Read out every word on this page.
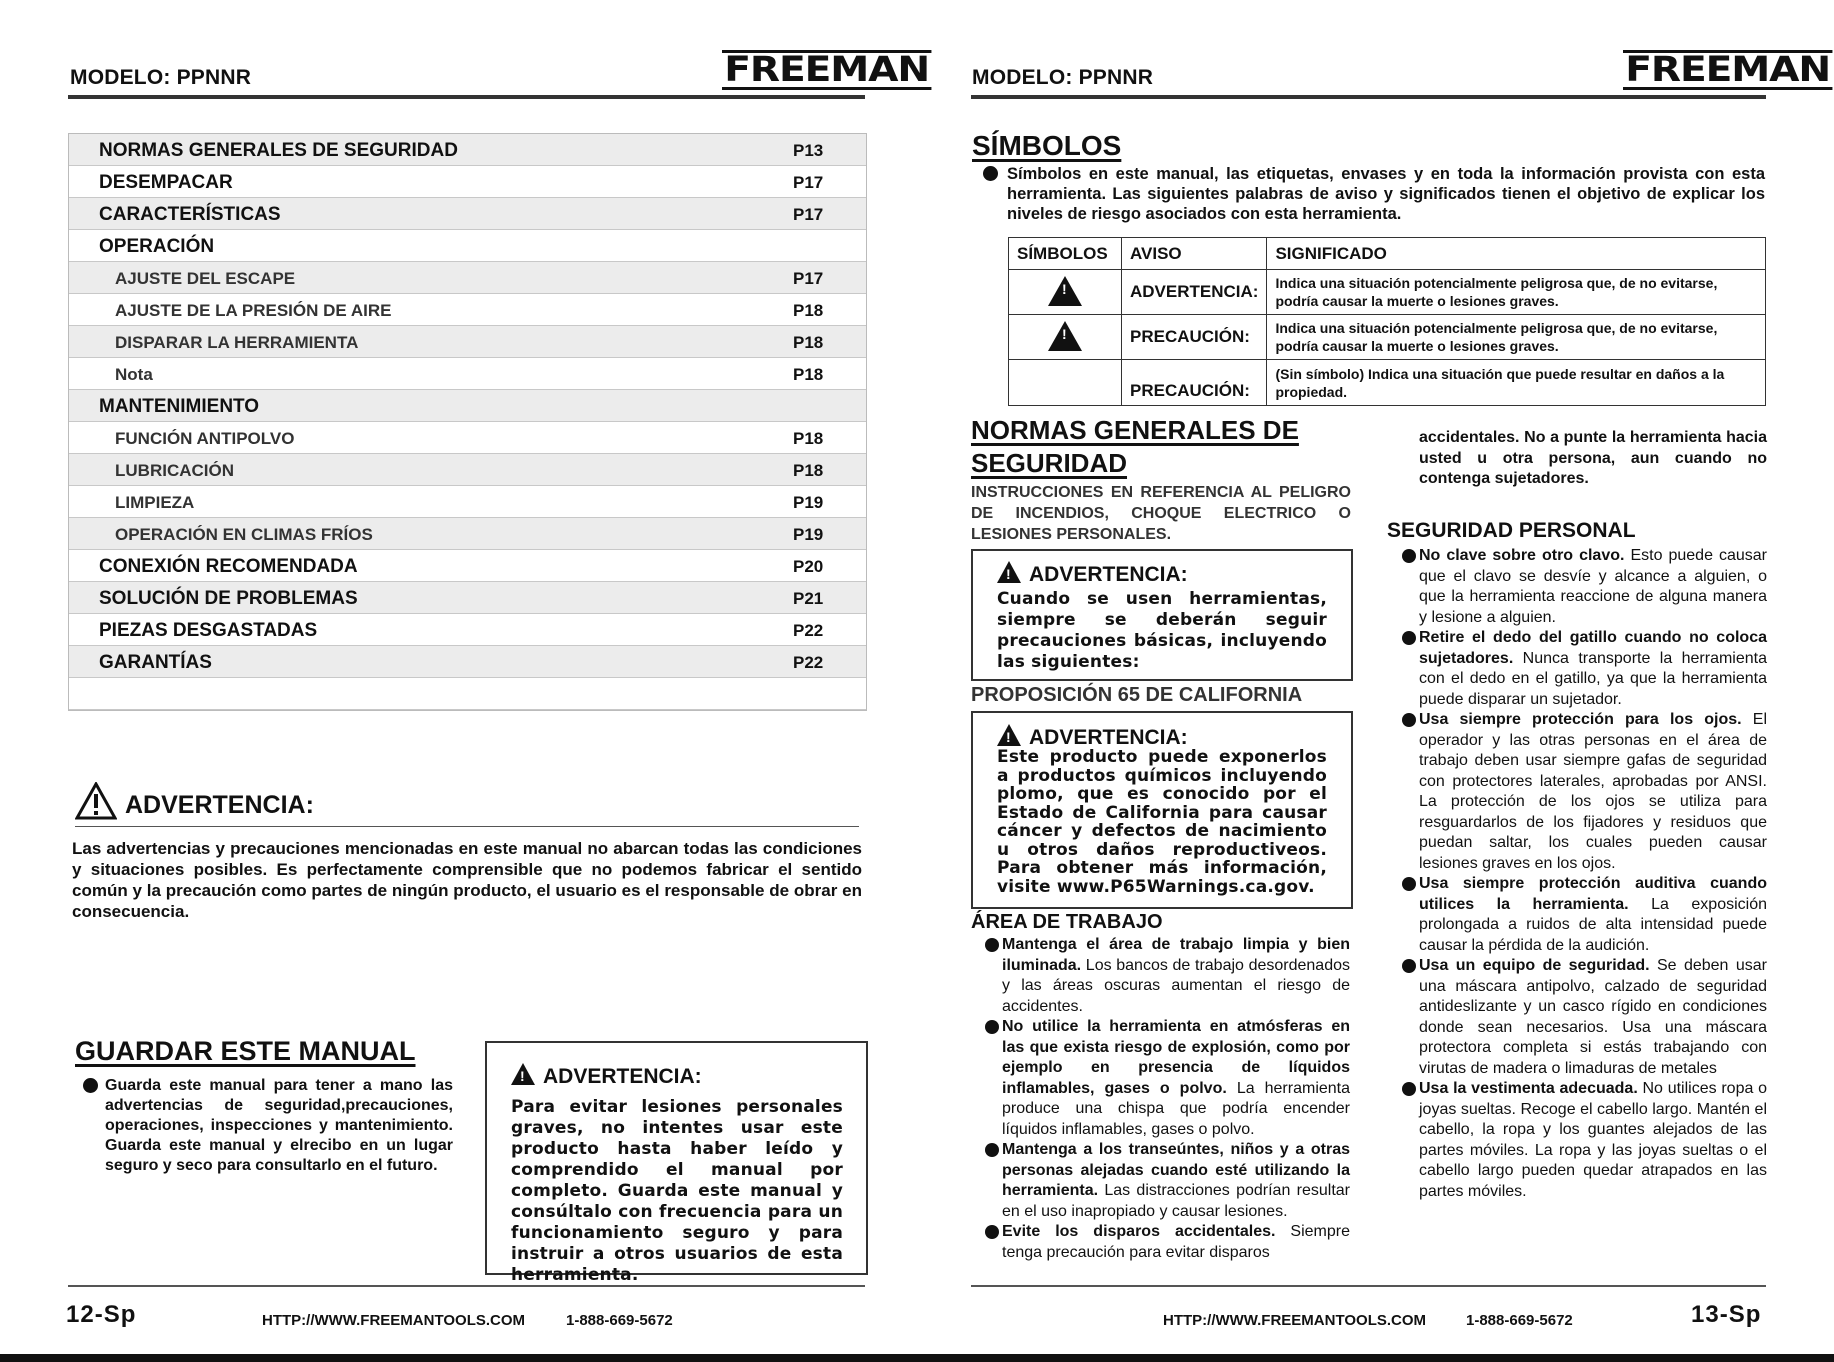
MODELO: PPNNR	FREEMAN
NORMAS GENERALES DE SEGURIDAD	P13
DESEMPACAR	P17
CARACTERÍSTICAS	P17
OPERACIÓN
AJUSTE DEL ESCAPE	P17
AJUSTE DE LA PRESIÓN DE AIRE	P18
DISPARAR LA HERRAMIENTA	P18
Nota	P18
MANTENIMIENTO
FUNCIÓN ANTIPOLVO	P18
LUBRICACIÓN	P18
LIMPIEZA	P19
OPERACIÓN EN CLIMAS FRÍOS	P19
CONEXIÓN RECOMENDADA	P20
SOLUCIÓN DE PROBLEMAS	P21
PIEZAS DESGASTADAS	P22
GARANTÍAS	P22
ADVERTENCIA:
Las advertencias y precauciones mencionadas en este manual no abarcan todas las condiciones y situaciones posibles. Es perfectamente comprensible que no podemos fabricar el sentido común y la precaución como partes de ningún producto, el usuario es el responsable de obrar en consecuencia.
GUARDAR ESTE MANUAL
Guarda este manual para tener a mano las advertencias de seguridad,precauciones, operaciones, inspecciones y mantenimiento. Guarda este manual y elrecibo en un lugar seguro y seco para consultarlo en el futuro.
!ADVERTENCIA:
Para evitar lesiones personales graves, no intentes usar este producto hasta haber leído y comprendido el manual por completo. Guarda este manual y consúltalo con frecuencia para un funcionamiento seguro y para instruir a otros usuarios de esta herramienta.
12-Sp	HTTP://WWW.FREEMANTOOLS.COM	1-888-669-5672
MODELO: PPNNR	FREEMAN
SÍMBOLOS
Símbolos en este manual, las etiquetas, envases y en toda la información provista con esta herramienta. Las siguientes palabras de aviso y significados tienen el objetivo de explicar los niveles de riesgo asociados con esta herramienta.
SÍMBOLOS	AVISO	SIGNIFICADO
!	ADVERTENCIA:	Indica una situación potencialmente peligrosa que, de no evitarse, podría causar la muerte o lesiones graves.
!	PRECAUCIÓN:	Indica una situación potencialmente peligrosa que, de no evitarse, podría causar la muerte o lesiones graves.
	PRECAUCIÓN:	(Sin símbolo) Indica una situación que puede resultar en daños a la propiedad.
NORMAS GENERALES DE
SEGURIDAD
INSTRUCCIONES EN REFERENCIA AL PELIGRO DE INCENDIOS, CHOQUE ELECTRICO O LESIONES PERSONALES.
!ADVERTENCIA:
Cuando se usen herramientas, siempre se deberán seguir precauciones básicas, incluyendo las siguientes:
PROPOSICIÓN 65 DE CALIFORNIA
!ADVERTENCIA:
Este producto puede exponerlos a productos químicos incluyendo plomo, que es conocido por el Estado de California para causar cáncer y defectos de nacimiento u otros daños reproductiveos. Para obtener más información, visite www.P65Warnings.ca.gov.
ÁREA DE TRABAJO
Mantenga el área de trabajo limpia y bien iluminada. Los bancos de trabajo desordenados y las áreas oscuras aumentan el riesgo de accidentes.
No utilice la herramienta en atmósferas en las que exista riesgo de explosión, como por ejemplo en presencia de líquidos inflamables, gases o polvo. La herramienta produce una chispa que podría encender líquidos inflamables, gases o polvo.
Mantenga a los transeúntes, niños y a otras personas alejadas cuando esté utilizando la herramienta. Las distracciones podrían resultar en el uso inapropiado y causar lesiones.
Evite los disparos accidentales. Siempre tenga precaución para evitar disparos
accidentales. No a punte la herramienta hacia usted u otra persona, aun cuando no contenga sujetadores.
SEGURIDAD PERSONAL
No clave sobre otro clavo. Esto puede causar que el clavo se desvíe y alcance a alguien, o que la herramienta reaccione de alguna manera y lesione a alguien.
Retire el dedo del gatillo cuando no coloca sujetadores. Nunca transporte la herramienta con el dedo en el gatillo, ya que la herramienta puede disparar un sujetador.
Usa siempre protección para los ojos. El operador y las otras personas en el área de trabajo deben usar siempre gafas de seguridad con protectores laterales, aprobadas por ANSI. La protección de los ojos se utiliza para resguardarlos de los fijadores y residuos que puedan saltar, los cuales pueden causar lesiones graves en los ojos.
Usa siempre protección auditiva cuando utilices la herramienta. La exposición prolongada a ruidos de alta intensidad puede causar la pérdida de la audición.
Usa un equipo de seguridad. Se deben usar una máscara antipolvo, calzado de seguridad antideslizante y un casco rígido en condiciones donde sean necesarios. Usa una máscara protectora completa si estás trabajando con virutas de madera o limaduras de metales
Usa la vestimenta adecuada. No utilices ropa o joyas sueltas. Recoge el cabello largo. Mantén el cabello, la ropa y los guantes alejados de las partes móviles. La ropa y las joyas sueltas o el cabello largo pueden quedar atrapados en las partes móviles.
HTTP://WWW.FREEMANTOOLS.COM	1-888-669-5672	13-Sp
